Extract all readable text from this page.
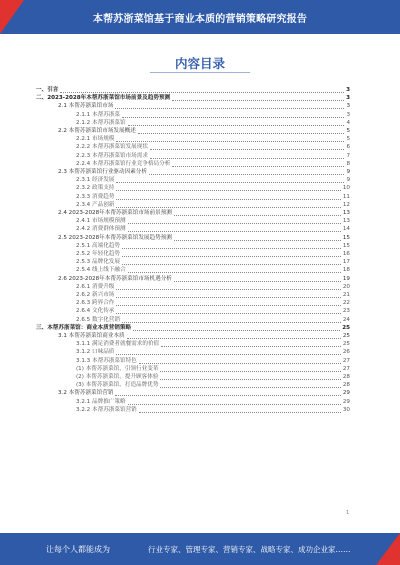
本帮苏浙菜馆基于商业本质的营销策略研究报告
内容目录
一、引言	3
二、2023-2028年本帮苏浙菜馆市场前景及趋势预测	3
2.1 本帮苏浙菜馆市场	3
2.1.1 本帮苏浙菜	3
2.1.2 本帮苏浙菜馆	4
2.2 本帮苏浙菜馆市场发展概述	5
2.2.1 市场规模	5
2.2.2 本帮苏浙菜馆发展现状	6
2.2.3 本帮苏浙菜馆市场需求	7
2.2.4 本帮苏浙菜馆行业竞争格局分析	8
2.3 本帮苏浙菜馆行业驱动因素分析	9
2.3.1 经济发展	9
2.3.2 政策支持	10
2.3.3 消费趋势	11
2.3.4 产品创新	12
2.4 2023-2028年本帮苏浙菜馆市场前景预测	13
2.4.1 市场规模预测	13
2.4.2 消费群体预测	14
2.5 2023-2028年本帮苏浙菜馆发展趋势预测	15
2.5.1 高端化趋势	15
2.5.2 年轻化趋势	16
2.5.3 品牌化发展	17
2.5.4 线上线下融合	18
2.6 2023-2028年本帮苏浙菜馆市场机遇分析	19
2.6.1 消费升级	20
2.6.2 新兴市场	21
2.6.3 跨界合作	22
2.6.4 文化传承	23
2.6.5 数字化营销	24
三、本帮苏浙菜馆：商业本质营销策略	25
3.1 本帮苏浙菜馆商业本质	25
3.1.1 满足消费者就餐需求的价值	25
3.1.2 口味品质	26
3.1.3 本帮苏浙菜馆特色	27
(1) 本帮苏浙菜馆，引领行业变革	27
(2) 本帮苏浙菜馆，提升顾客体验	28
(3) 本帮苏浙菜馆，打造品牌优势	28
3.2 本帮苏浙菜馆营销	29
3.2.1 品牌推广策略	29
3.2.2 本帮苏浙菜馆营销	30
1
让每个人都能成为	行业专家、管理专家、营销专家、战略专家、成功企业家……
